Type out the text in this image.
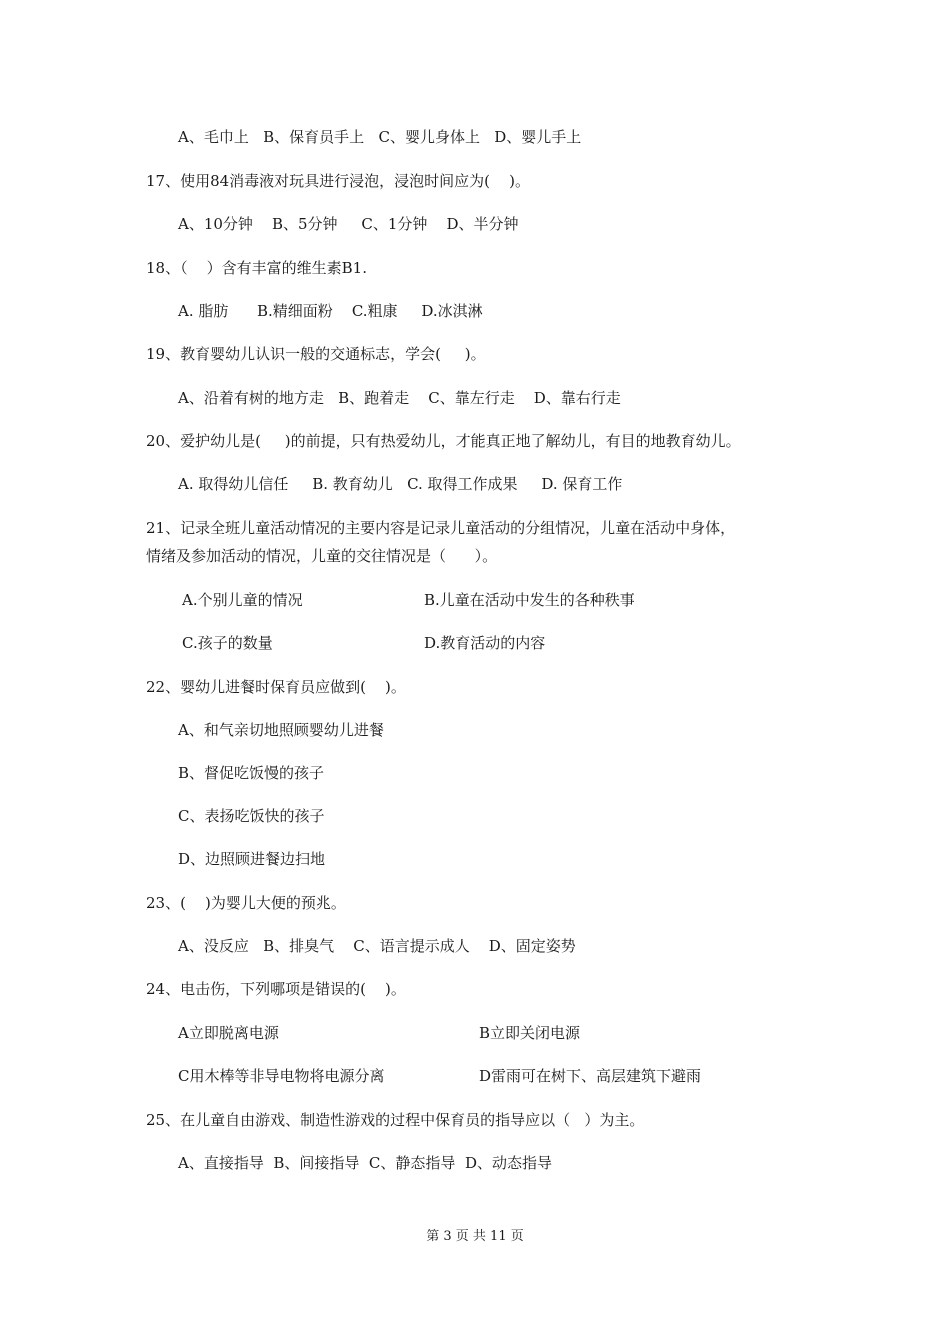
A、毛巾上   B、保育员手上   C、婴儿身体上   D、婴儿手上
17、使用84消毒液对玩具进行浸泡，浸泡时间应为(    )。
A、10分钟    B、5分钟     C、1分钟    D、半分钟
18、（    ）含有丰富的维生素B1.
A. 脂肪      B.精细面粉    C.粗康     D.冰淇淋
19、教育婴幼儿认识一般的交通标志，学会(     )。
A、沿着有树的地方走   B、跑着走    C、靠左行走    D、靠右行走
20、爱护幼儿是(     )的前提，只有热爱幼儿，才能真正地了解幼儿，有目的地教育幼儿。
A. 取得幼儿信任     B. 教育幼儿   C. 取得工作成果     D. 保育工作
21、记录全班儿童活动情况的主要内容是记录儿童活动的分组情况，儿童在活动中身体，
情绪及参加活动的情况，儿童的交往情况是（      ）。
A.个别儿童的情况	B.儿童在活动中发生的各种秩事
C.孩子的数量	D.教育活动的内容
22、婴幼儿进餐时保育员应做到(    )。
A、和气亲切地照顾婴幼儿进餐
B、督促吃饭慢的孩子
C、表扬吃饭快的孩子
D、边照顾进餐边扫地
23、(    )为婴儿大便的预兆。
A、没反应   B、排臭气    C、语言提示成人    D、固定姿势
24、电击伤，下列哪项是错误的(    )。
A立即脱离电源	B立即关闭电源
C用木棒等非导电物将电源分离	D雷雨可在树下、高层建筑下避雨
25、在儿童自由游戏、制造性游戏的过程中保育员的指导应以（   ）为主。
A、直接指导  B、间接指导  C、静态指导  D、动态指导
第 3 页 共 11 页
